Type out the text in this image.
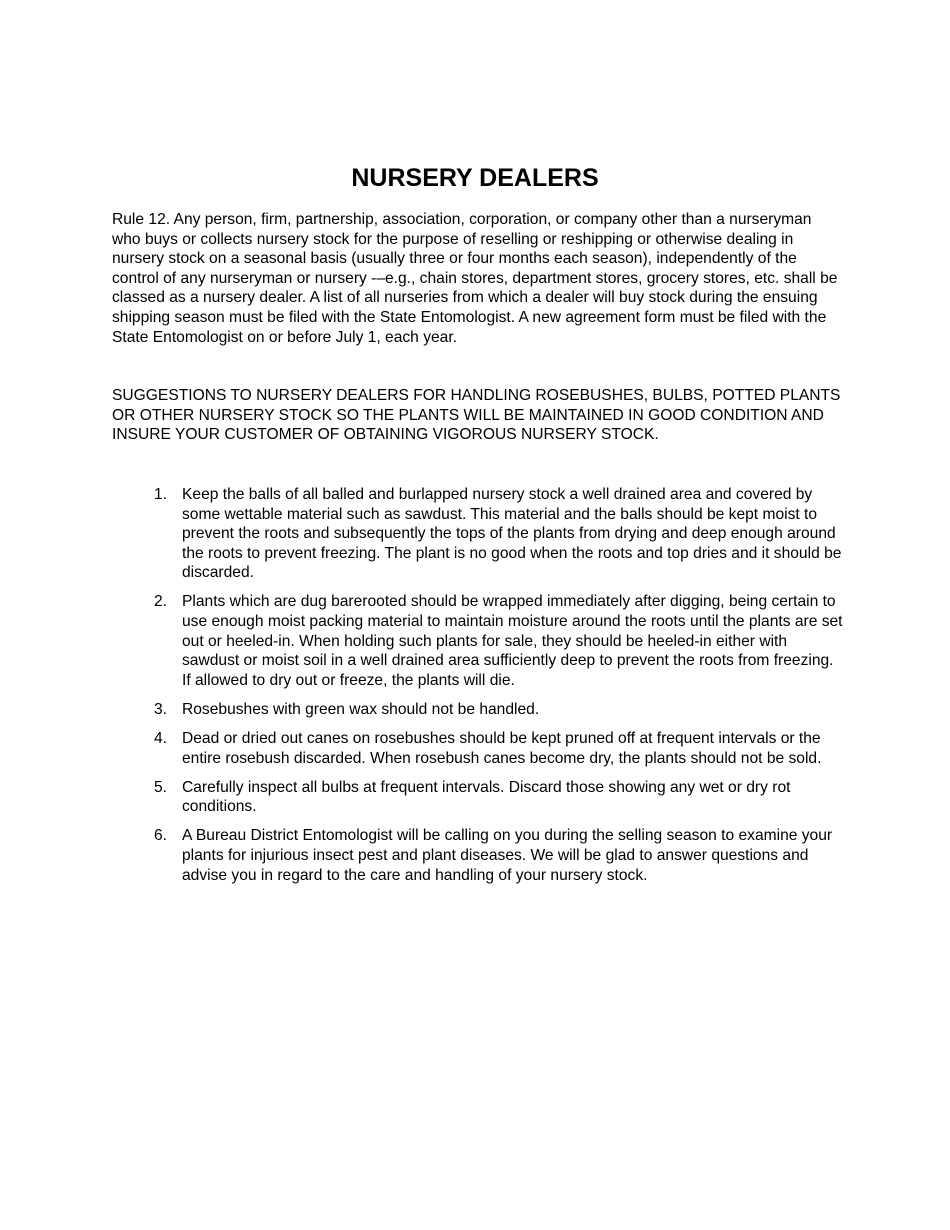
NURSERY DEALERS

Rule 12. Any person, firm, partnership, association, corporation, or company other than a nurseryman who buys or collects nursery stock for the purpose of reselling or reshipping or otherwise dealing in nursery stock on a seasonal basis (usually three or four months each season), independently of the control of any nurseryman or nursery -–e.g., chain stores, department stores, grocery stores, etc. shall be classed as a nursery dealer. A list of all nurseries from which a dealer will buy stock during the ensuing shipping season must be filed with the State Entomologist. A new agreement form must be filed with the State Entomologist on or before July 1, each year.

SUGGESTIONS TO NURSERY DEALERS FOR HANDLING ROSEBUSHES, BULBS, POTTED PLANTS OR OTHER NURSERY STOCK SO THE PLANTS WILL BE MAINTAINED IN GOOD CONDITION AND INSURE YOUR CUSTOMER OF OBTAINING VIGOROUS NURSERY STOCK.

1. Keep the balls of all balled and burlapped nursery stock a well drained area and covered by some wettable material such as sawdust. This material and the balls should be kept moist to prevent the roots and subsequently the tops of the plants from drying and deep enough around the roots to prevent freezing. The plant is no good when the roots and top dries and it should be discarded.
2. Plants which are dug barerooted should be wrapped immediately after digging, being certain to use enough moist packing material to maintain moisture around the roots until the plants are set out or heeled-in. When holding such plants for sale, they should be heeled-in either with sawdust or moist soil in a well drained area sufficiently deep to prevent the roots from freezing. If allowed to dry out or freeze, the plants will die.
3. Rosebushes with green wax should not be handled.
4. Dead or dried out canes on rosebushes should be kept pruned off at frequent intervals or the entire rosebush discarded. When rosebush canes become dry, the plants should not be sold.
5. Carefully inspect all bulbs at frequent intervals. Discard those showing any wet or dry rot conditions.
6. A Bureau District Entomologist will be calling on you during the selling season to examine your plants for injurious insect pest and plant diseases. We will be glad to answer questions and advise you in regard to the care and handling of your nursery stock.
